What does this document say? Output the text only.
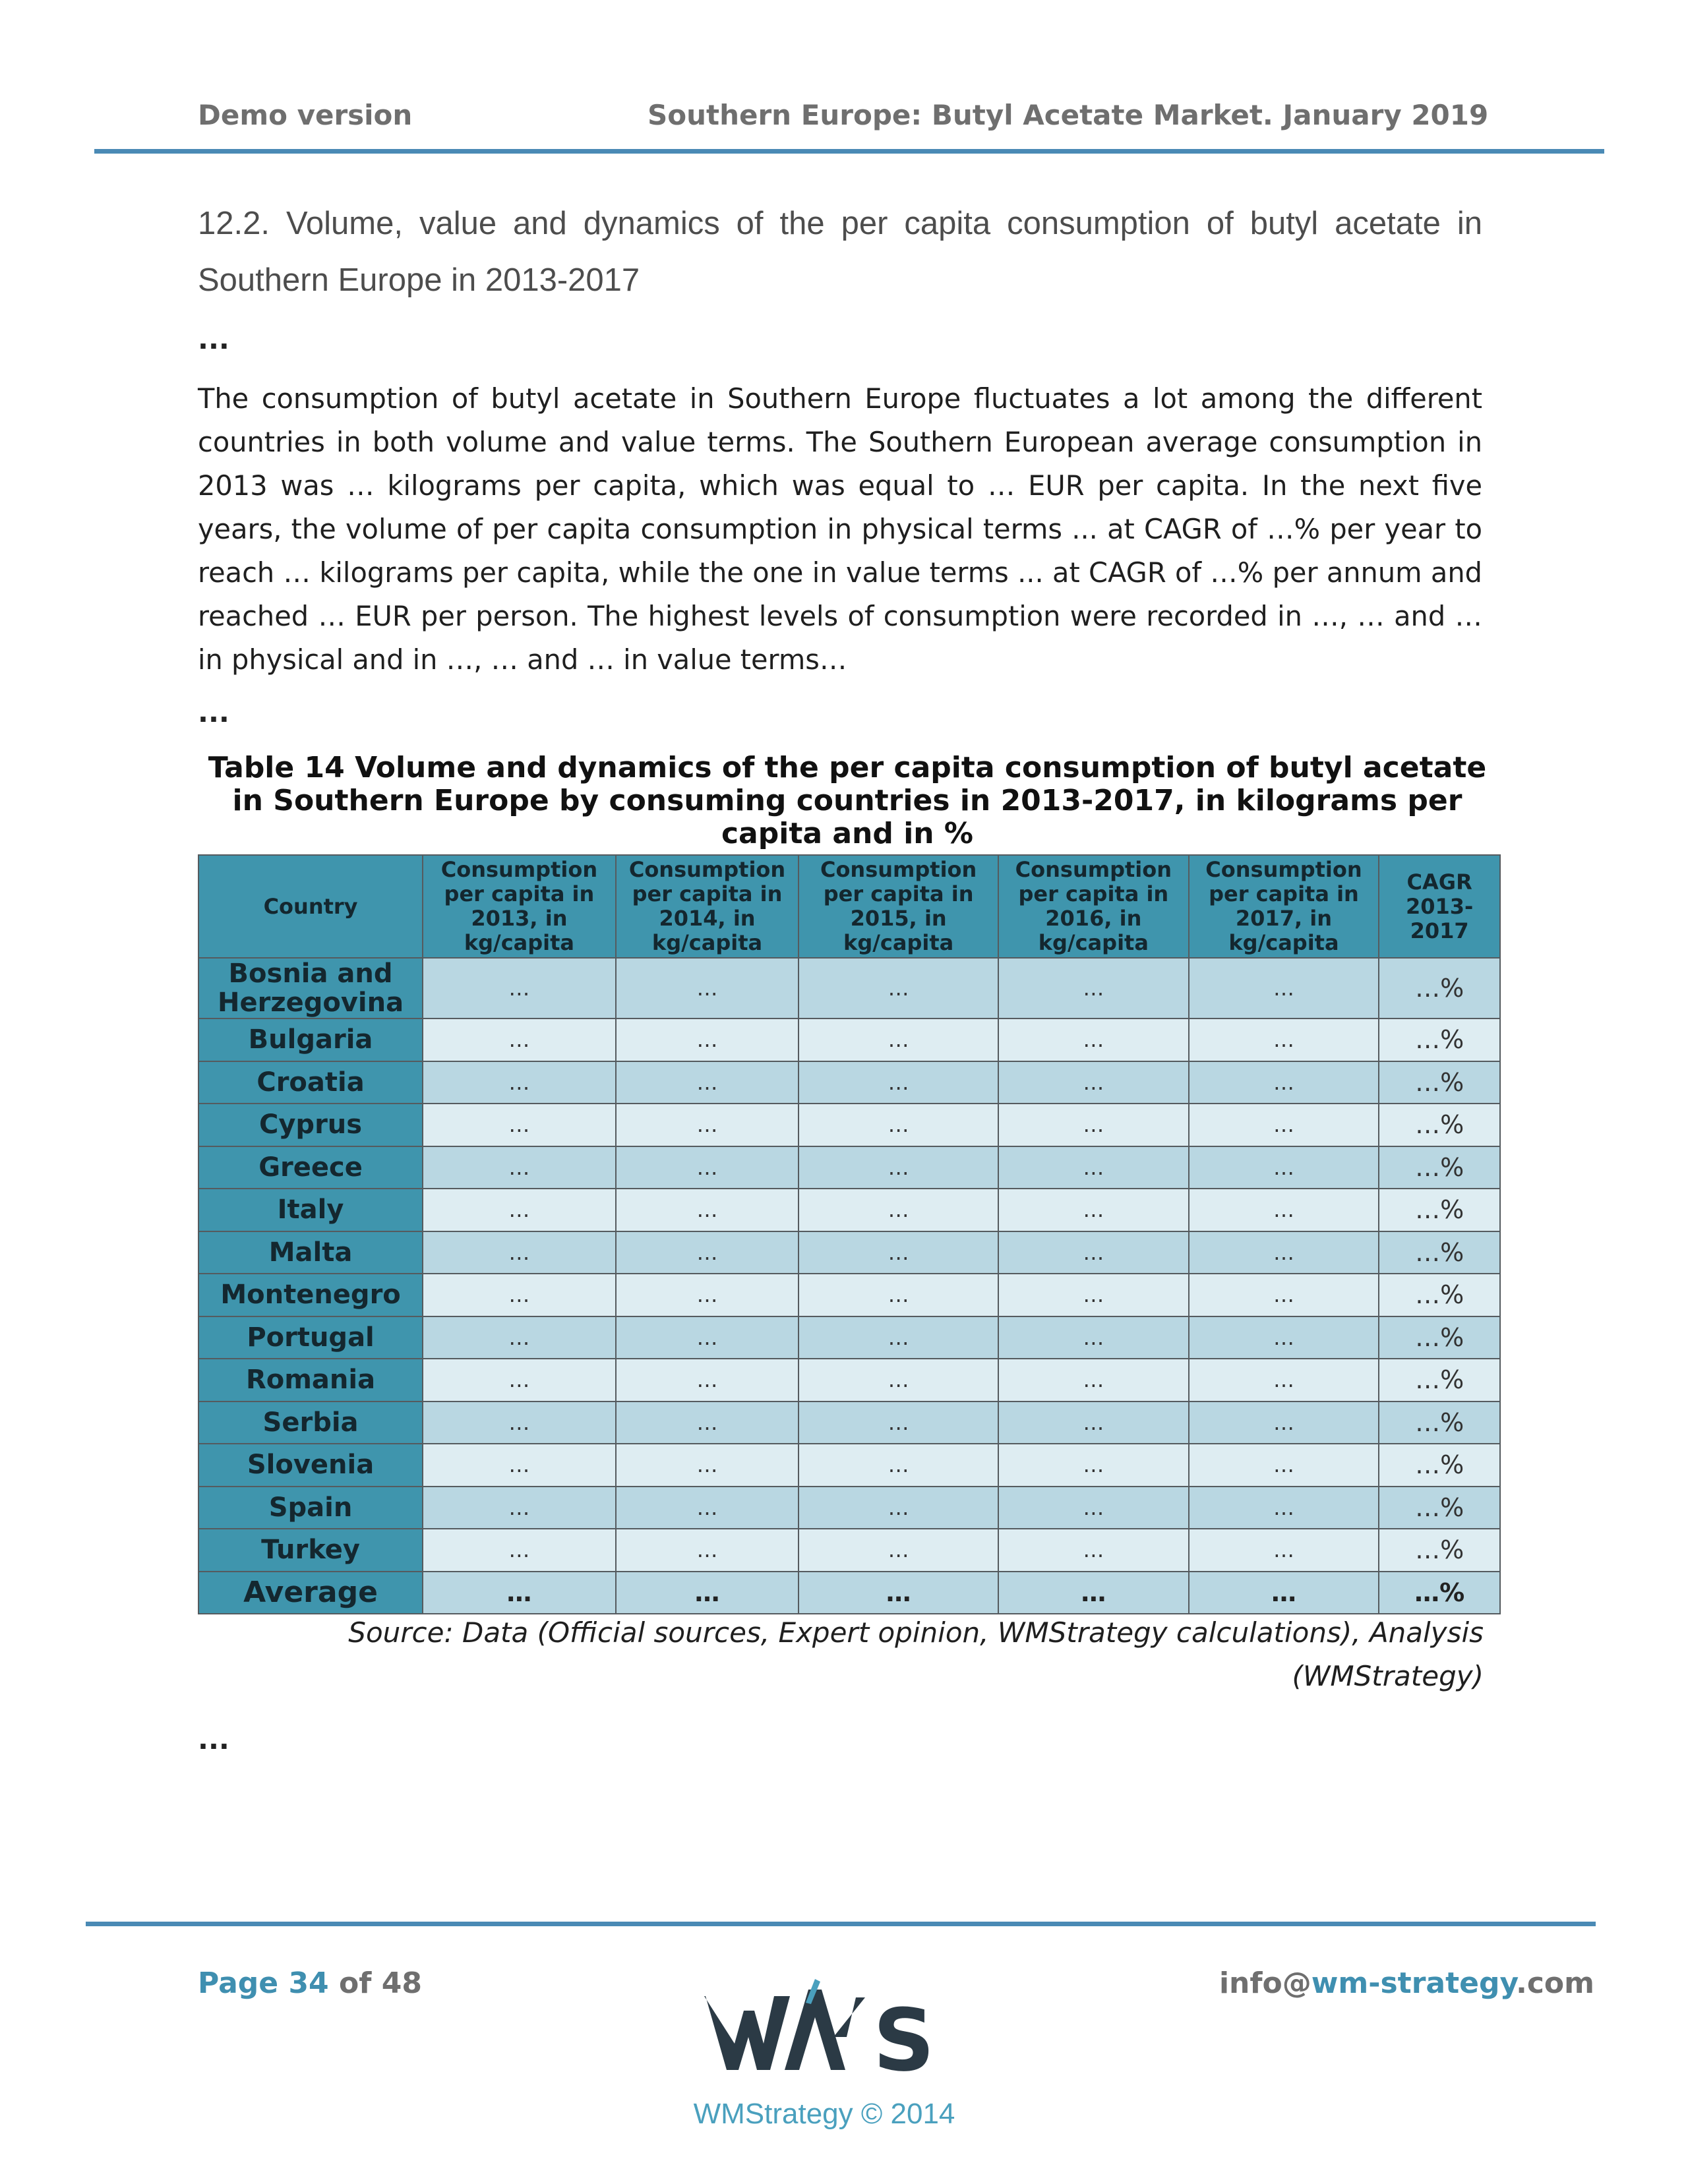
Demo version	Southern Europe: Butyl Acetate Market. January 2019
12.2. Volume, value and dynamics of the per capita consumption of butyl acetate in Southern Europe in 2013-2017
...
The consumption of butyl acetate in Southern Europe fluctuates a lot among the different countries in both volume and value terms. The Southern European average consumption in 2013 was … kilograms per capita, which was equal to … EUR per capita. In the next five years, the volume of per capita consumption in physical terms ... at CAGR of …% per year to reach … kilograms per capita, while the one in value terms ... at CAGR of …% per annum and reached … EUR per person. The highest levels of consumption were recorded in …, … and … in physical and in …, … and … in value terms…
...
Table 14 Volume and dynamics of the per capita consumption of butyl acetate in Southern Europe by consuming countries in 2013-2017, in kilograms per capita and in %
Country	Consumption per capita in 2013, in kg/capita	Consumption per capita in 2014, in kg/capita	Consumption per capita in 2015, in kg/capita	Consumption per capita in 2016, in kg/capita	Consumption per capita in 2017, in kg/capita	CAGR 2013-2017
Bosnia and Herzegovina	…	…	…	…	…	…%
Bulgaria	…	…	…	…	…	…%
Croatia	…	…	…	…	…	…%
Cyprus	…	…	…	…	…	…%
Greece	…	…	…	…	…	…%
Italy	…	…	…	…	…	…%
Malta	…	…	…	…	…	…%
Montenegro	…	…	…	…	…	…%
Portugal	…	…	…	…	…	…%
Romania	…	…	…	…	…	…%
Serbia	…	…	…	…	…	…%
Slovenia	…	…	…	…	…	…%
Spain	…	…	…	…	…	…%
Turkey	…	…	…	…	…	…%
Average	…	…	…	…	…	…%
Source: Data (Official sources, Expert opinion, WMStrategy calculations), Analysis (WMStrategy)
...
Page 34 of 48	info@wm-strategy.com
S
WMStrategy © 2014
